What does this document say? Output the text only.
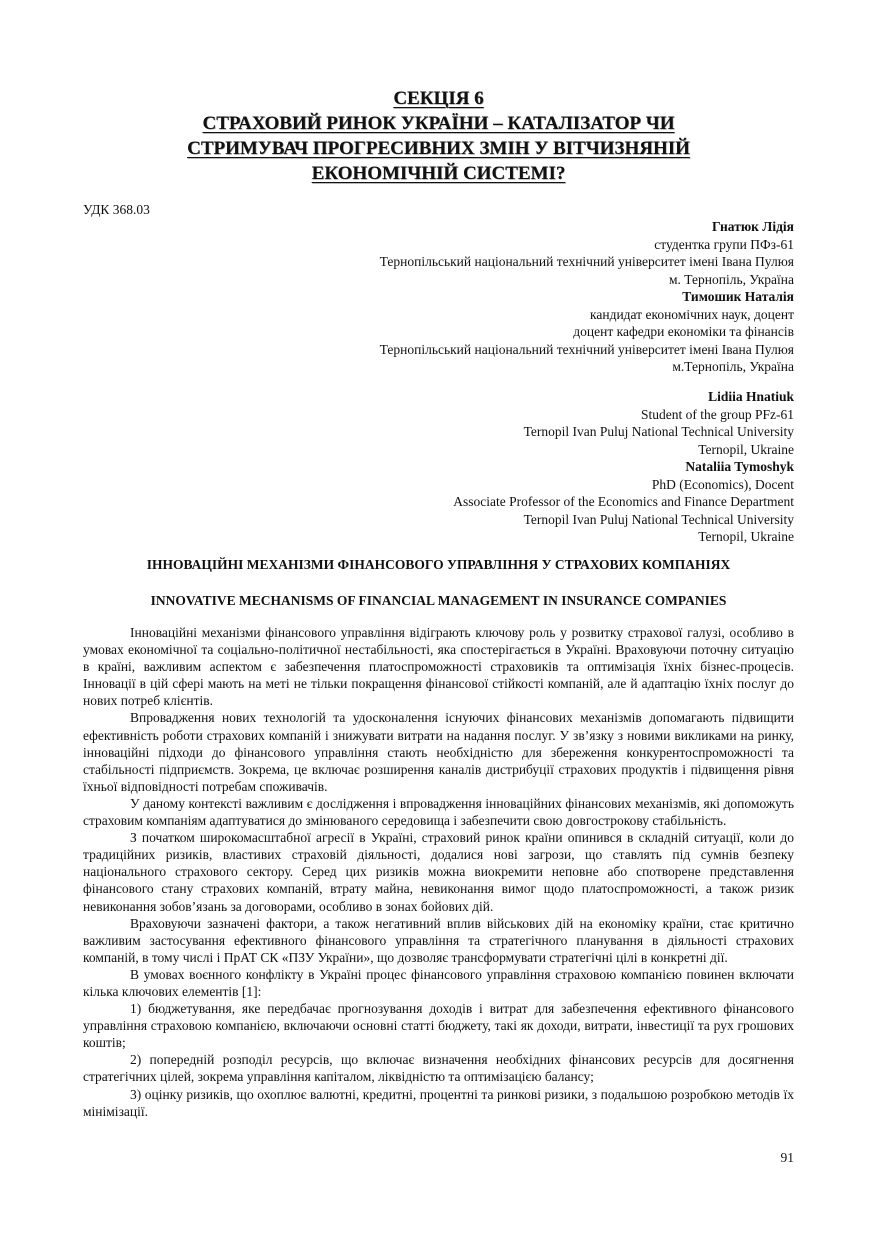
СЕКЦІЯ 6
СТРАХОВИЙ РИНОК УКРАЇНИ – КАТАЛІЗАТОР ЧИ
СТРИМУВАЧ ПРОГРЕСИВНИХ ЗМІН У ВІТЧИЗНЯНІЙ
ЕКОНОМІЧНІЙ СИСТЕМІ?
УДК 368.03
Гнатюк Лідія
студентка групи ПФз-61
Тернопільський національний технічний університет імені Івана Пулюя
м. Тернопіль, Україна
Тимошик Наталія
кандидат економічних наук, доцент
доцент кафедри економіки та фінансів
Тернопільський національний технічний університет імені Івана Пулюя
м.Тернопіль, Україна
Lidiia Hnatiuk
Student of the group PFz-61
Ternopil Ivan Puluj National Technical University
Ternopil, Ukraine
Nataliia Tymoshyk
PhD (Economics), Docent
Associate Professor of the Economics and Finance Department
Ternopil Ivan Puluj National Technical University
Ternopil, Ukraine
ІННОВАЦІЙНІ МЕХАНІЗМИ ФІНАНСОВОГО УПРАВЛІННЯ У СТРАХОВИХ КОМПАНІЯХ
INNOVATIVE MECHANISMS OF FINANCIAL MANAGEMENT IN INSURANCE COMPANIES

Інноваційні механізми фінансового управління відіграють ключову роль у розвитку страхової галузі, особливо в умовах економічної та соціально-політичної нестабільності, яка спостерігається в Україні. Враховуючи поточну ситуацію в країні, важливим аспектом є забезпечення платоспроможності страховиків та оптимізація їхніх бізнес-процесів. Інновації в цій сфері мають на меті не тільки покращення фінансової стійкості компаній, але й адаптацію їхніх послуг до нових потреб клієнтів.

Впровадження нових технологій та удосконалення існуючих фінансових механізмів допомагають підвищити ефективність роботи страхових компаній і знижувати витрати на надання послуг. У зв’язку з новими викликами на ринку, інноваційні підходи до фінансового управління стають необхідністю для збереження конкурентоспроможності та стабільності підприємств. Зокрема, це включає розширення каналів дистрибуції страхових продуктів і підвищення рівня їхньої відповідності потребам споживачів.

У даному контексті важливим є дослідження і впровадження інноваційних фінансових механізмів, які допоможуть страховим компаніям адаптуватися до змінюваного середовища і забезпечити свою довгострокову стабільність.

З початком широкомасштабної агресії в Україні, страховий ринок країни опинився в складній ситуації, коли до традиційних ризиків, властивих страховій діяльності, додалися нові загрози, що ставлять під сумнів безпеку національного страхового сектору. Серед цих ризиків можна виокремити неповне або спотворене представлення фінансового стану страхових компаній, втрату майна, невиконання вимог щодо платоспроможності, а також ризик невиконання зобов’язань за договорами, особливо в зонах бойових дій.

Враховуючи зазначені фактори, а також негативний вплив військових дій на економіку країни, стає критично важливим застосування ефективного фінансового управління та стратегічного планування в діяльності страхових компаній, в тому числі і ПрАТ СК «ПЗУ України», що дозволяє трансформувати стратегічні цілі в конкретні дії.

В умовах воєнного конфлікту в Україні процес фінансового управління страховою компанією повинен включати кілька ключових елементів [1]:

1) бюджетування, яке передбачає прогнозування доходів і витрат для забезпечення ефективного фінансового управління страховою компанією, включаючи основні статті бюджету, такі як доходи, витрати, інвестиції та рух грошових коштів;

2) попередній розподіл ресурсів, що включає визначення необхідних фінансових ресурсів для досягнення стратегічних цілей, зокрема управління капіталом, ліквідністю та оптимізацією балансу;

3) оцінку ризиків, що охоплює валютні, кредитні, процентні та ринкові ризики, з подальшою розробкою методів їх мінімізації.

91
